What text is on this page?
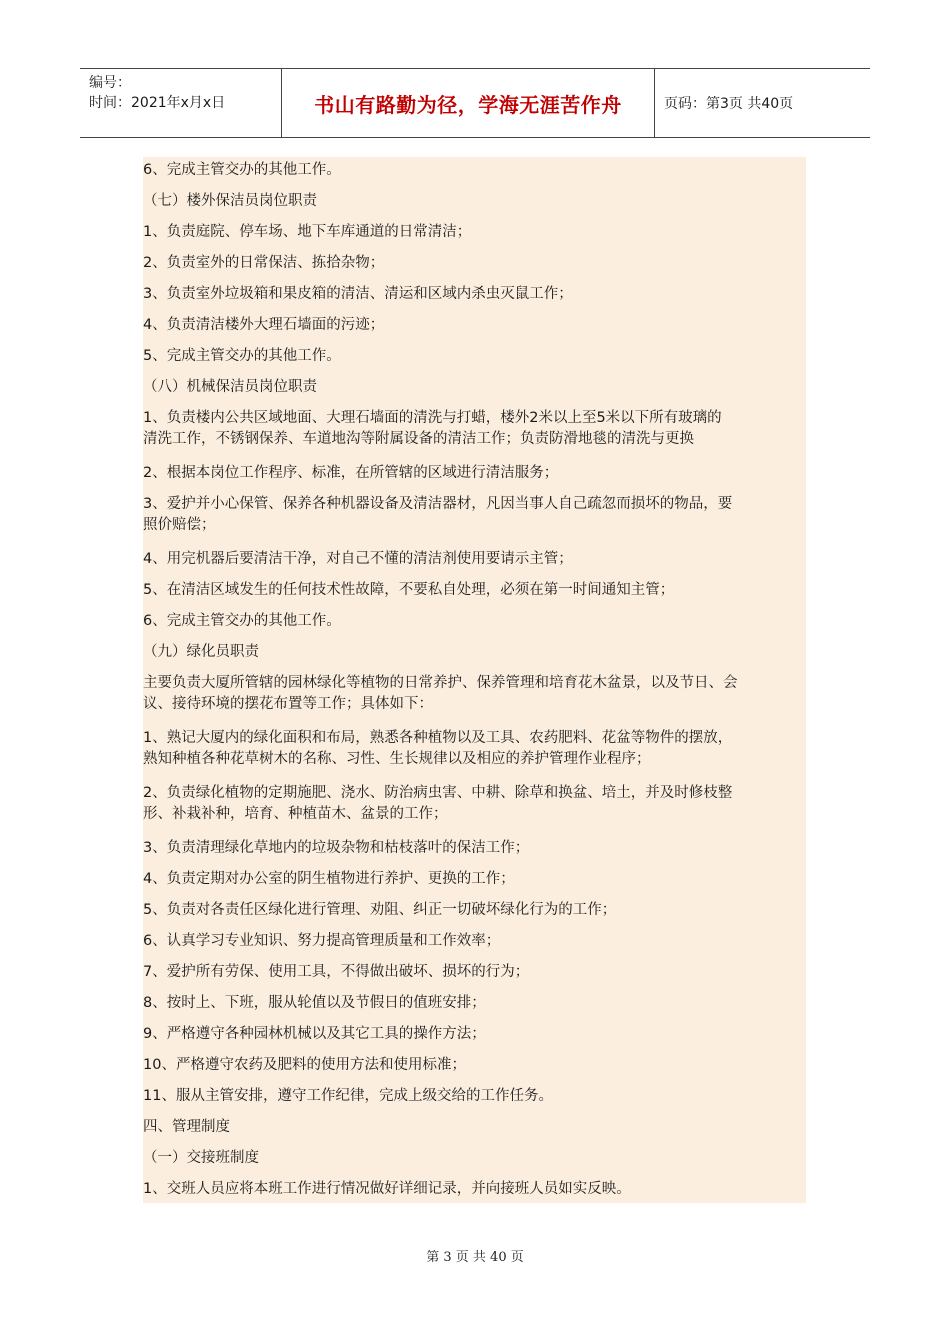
编号：
时间：2021年x月x日	书山有路勤为径，学海无涯苦作舟	页码：第3页 共40页
6、完成主管交办的其他工作。
（七）楼外保洁员岗位职责
1、负责庭院、停车场、地下车库通道的日常清洁；
2、负责室外的日常保洁、拣拾杂物；
3、负责室外垃圾箱和果皮箱的清洁、清运和区域内杀虫灭鼠工作；
4、负责清洁楼外大理石墙面的污迹；
5、完成主管交办的其他工作。
（八）机械保洁员岗位职责
1、负责楼内公共区域地面、大理石墙面的清洗与打蜡，楼外2米以上至5米以下所有玻璃的
清洗工作，不锈钢保养、车道地沟等附属设备的清洁工作；负责防滑地毯的清洗与更换
2、根据本岗位工作程序、标准，在所管辖的区域进行清洁服务；
3、爱护并小心保管、保养各种机器设备及清洁器材，凡因当事人自己疏忽而损坏的物品，要
照价赔偿；
4、用完机器后要清洁干净，对自己不懂的清洁剂使用要请示主管；
5、在清洁区域发生的任何技术性故障，不要私自处理，必须在第一时间通知主管；
6、完成主管交办的其他工作。
（九）绿化员职责
主要负责大厦所管辖的园林绿化等植物的日常养护、保养管理和培育花木盆景，以及节日、会
议、接待环境的摆花布置等工作；具体如下：
1、熟记大厦内的绿化面积和布局，熟悉各种植物以及工具、农药肥料、花盆等物件的摆放，
熟知种植各种花草树木的名称、习性、生长规律以及相应的养护管理作业程序；
2、负责绿化植物的定期施肥、浇水、防治病虫害、中耕、除草和换盆、培土，并及时修枝整
形、补栽补种，培育、种植苗木、盆景的工作；
3、负责清理绿化草地内的垃圾杂物和枯枝落叶的保洁工作；
4、负责定期对办公室的阴生植物进行养护、更换的工作；
5、负责对各责任区绿化进行管理、劝阻、纠正一切破坏绿化行为的工作；
6、认真学习专业知识、努力提高管理质量和工作效率；
7、爱护所有劳保、使用工具，不得做出破坏、损坏的行为；
8、按时上、下班，服从轮值以及节假日的值班安排；
9、严格遵守各种园林机械以及其它工具的操作方法；
10、严格遵守农药及肥料的使用方法和使用标准；
11、服从主管安排，遵守工作纪律，完成上级交给的工作任务。
四、管理制度
（一）交接班制度
1、交班人员应将本班工作进行情况做好详细记录，并向接班人员如实反映。
第 3 页 共 40 页
